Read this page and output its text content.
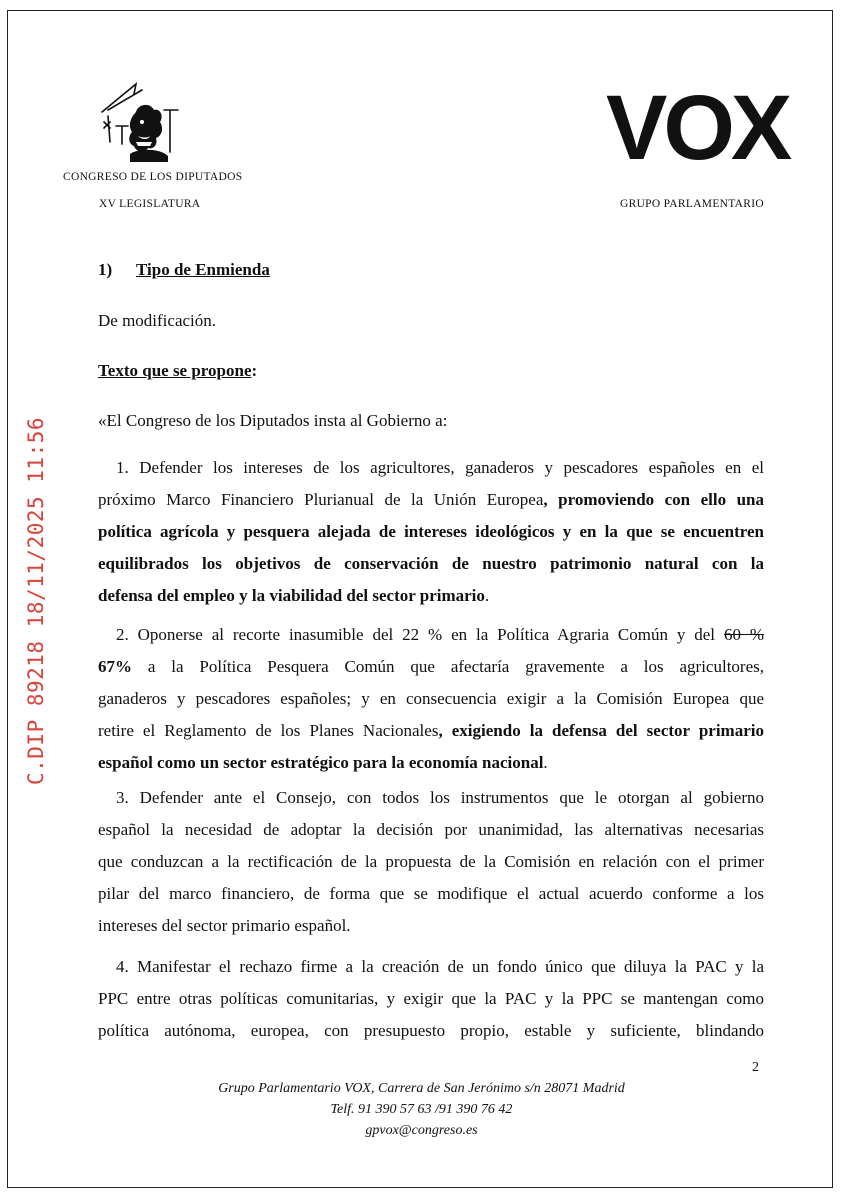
CONGRESO DE LOS DIPUTADOS
XV LEGISLATURA
VOX
GRUPO PARLAMENTARIO
C.DIP 89218 18/11/2025 11:56
1) Tipo de Enmienda
De modificación.
Texto que se propone:
«El Congreso de los Diputados insta al Gobierno a:
1. Defender los intereses de los agricultores, ganaderos y pescadores españoles en el
próximo Marco Financiero Plurianual de la Unión Europea, promoviendo con ello una
política agrícola y pesquera alejada de intereses ideológicos y en la que se encuentren
equilibrados los objetivos de conservación de nuestro patrimonio natural con la
defensa del empleo y la viabilidad del sector primario.
2. Oponerse al recorte inasumible del 22 % en la Política Agraria Común y del 60 %
67% a la Política Pesquera Común que afectaría gravemente a los agricultores,
ganaderos y pescadores españoles; y en consecuencia exigir a la Comisión Europea que
retire el Reglamento de los Planes Nacionales, exigiendo la defensa del sector primario
español como un sector estratégico para la economía nacional.
3. Defender ante el Consejo, con todos los instrumentos que le otorgan al gobierno
español la necesidad de adoptar la decisión por unanimidad, las alternativas necesarias
que conduzcan a la rectificación de la propuesta de la Comisión en relación con el primer
pilar del marco financiero, de forma que se modifique el actual acuerdo conforme a los
intereses del sector primario español.
4. Manifestar el rechazo firme a la creación de un fondo único que diluya la PAC y la
PPC entre otras políticas comunitarias, y exigir que la PAC y la PPC se mantengan como
política autónoma, europea, con presupuesto propio, estable y suficiente, blindando
2
Grupo Parlamentario VOX, Carrera de San Jerónimo s/n 28071 Madrid
Telf. 91 390 57 63 /91 390 76 42
gpvox@congreso.es
